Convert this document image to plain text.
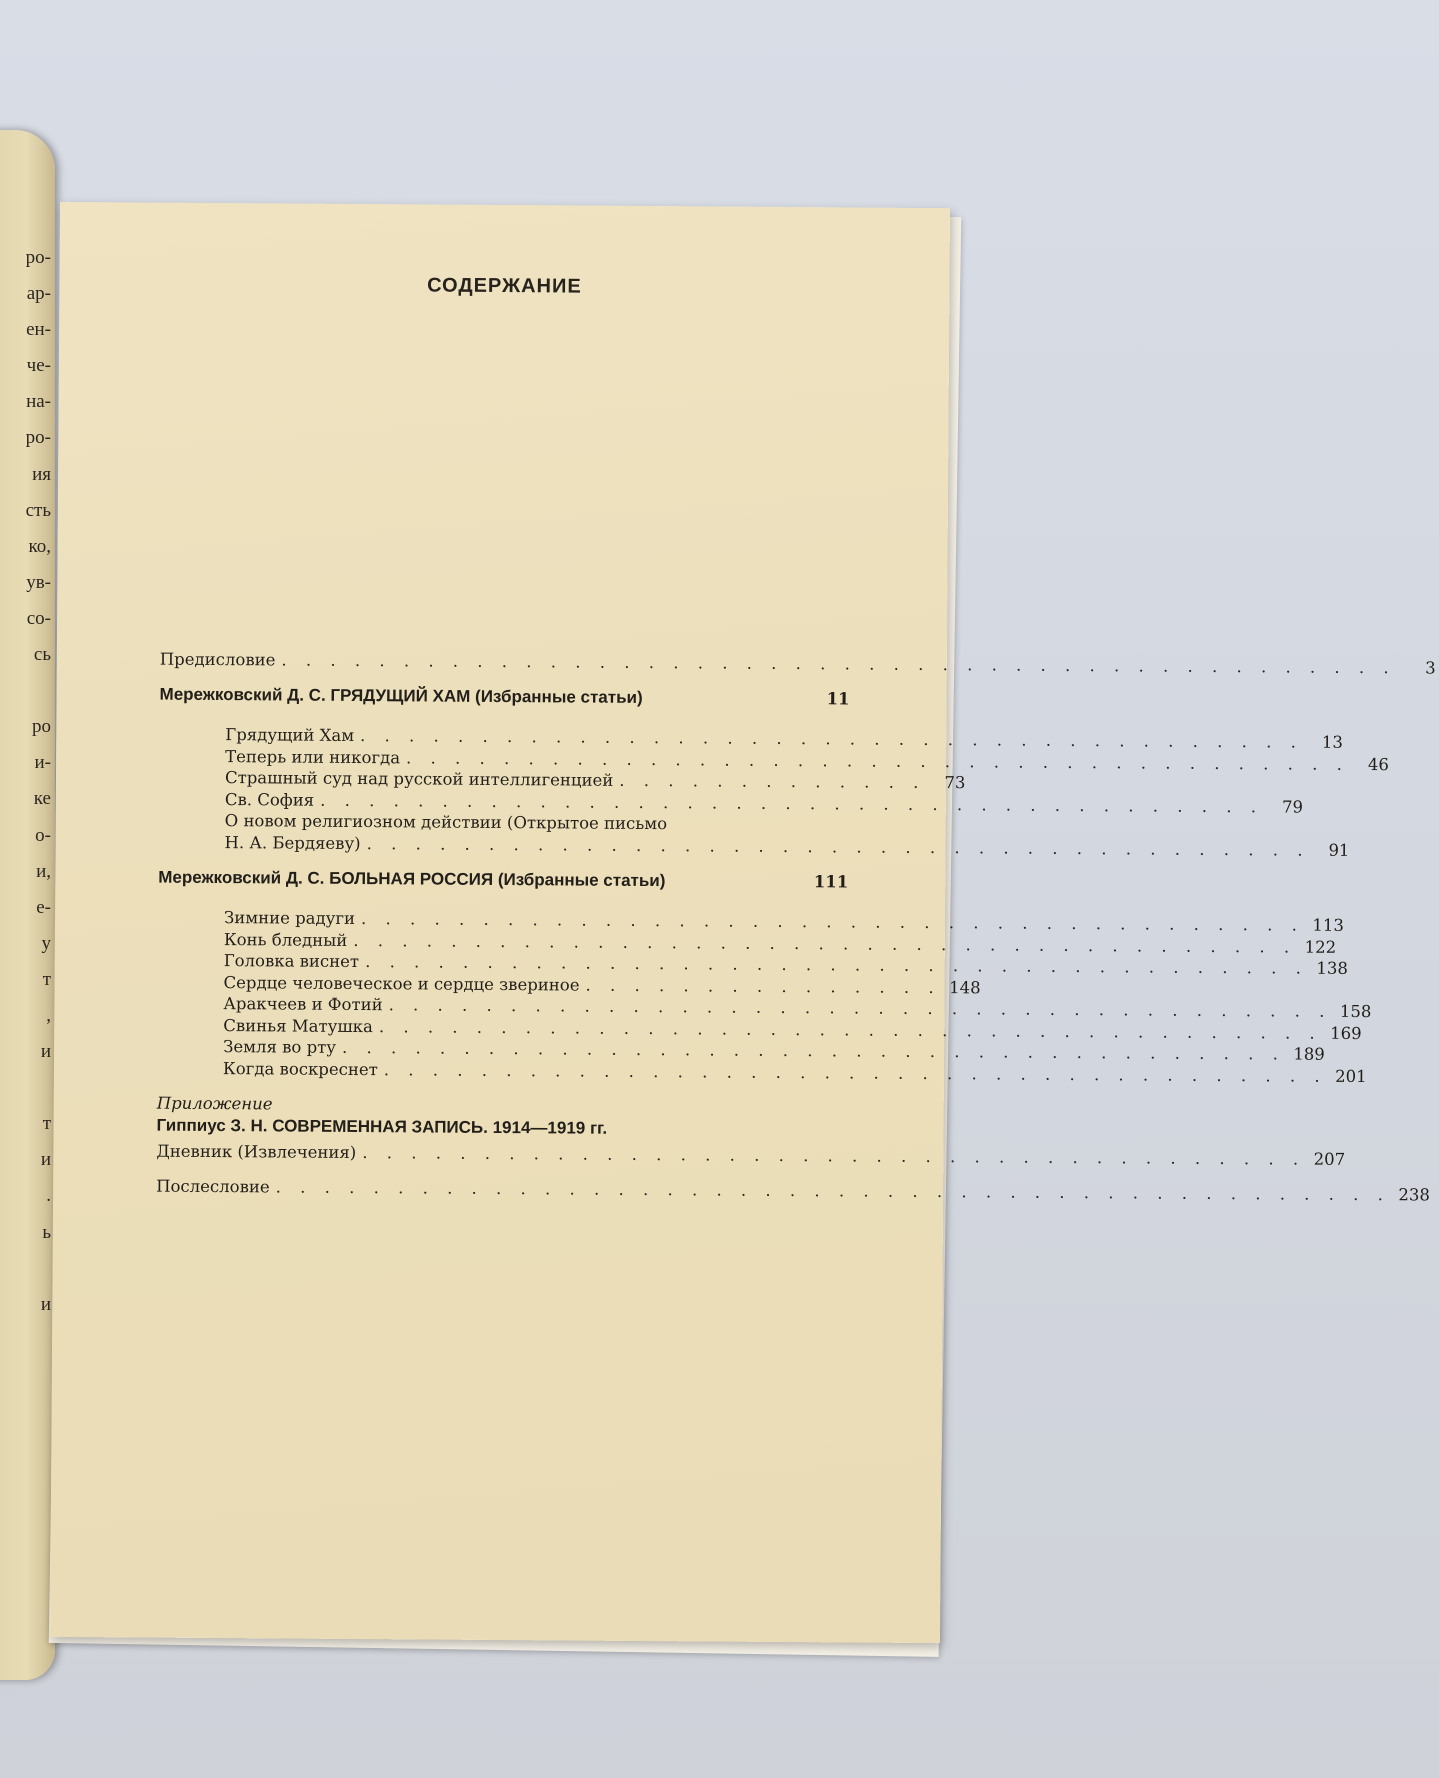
ро-
ар-
ен-
че-
на-
ро-
ия
сть
ко,
ув-
со-
сь

ро
и-
ке
о-
и,
е-
у
т
,
и

т
и
.
ь

и
СОДЕРЖАНИЕ
Предисловие . . . . . . . . . . . . . . . . . . . . . . . . . . . . . . . . . . . . . . . . . . . . . .	3
Мережковский Д. С. ГРЯДУЩИЙ ХАМ (Избранные статьи)	11
Грядущий Хам . . . . . . . . . . . . . . . . . . . . . . . . . . . . . . . . . . . . . . .	13
Теперь или никогда . . . . . . . . . . . . . . . . . . . . . . . . . . . . . . . . . . . . . . .	46
Страшный суд над русской интеллигенцией . . . . . . . . . . . . .	73
Св. София . . . . . . . . . . . . . . . . . . . . . . . . . . . . . . . . . . . . . . .	79
О новом религиозном действии (Открытое письмо
Н. А. Бердяеву) . . . . . . . . . . . . . . . . . . . . . . . . . . . . . . . . . . . . . . .	91
Мережковский Д. С. БОЛЬНАЯ РОССИЯ (Избранные статьи)	111
Зимние радуги . . . . . . . . . . . . . . . . . . . . . . . . . . . . . . . . . . . . . . . 113
Конь бледный . . . . . . . . . . . . . . . . . . . . . . . . . . . . . . . . . . . . . . . 122
Головка виснет . . . . . . . . . . . . . . . . . . . . . . . . . . . . . . . . . . . . . . . 138
Сердце человеческое и сердце звериное . . . . . . . . . . . . . . . 148
Аракчеев и Фотий . . . . . . . . . . . . . . . . . . . . . . . . . . . . . . . . . . . . . . . 158
Свинья Матушка . . . . . . . . . . . . . . . . . . . . . . . . . . . . . . . . . . . . . . . 169
Земля во рту . . . . . . . . . . . . . . . . . . . . . . . . . . . . . . . . . . . . . . . 189
Когда воскреснет . . . . . . . . . . . . . . . . . . . . . . . . . . . . . . . . . . . . . . . 201
Приложение
Гиппиус З. Н. СОВРЕМЕННАЯ ЗАПИСЬ. 1914—1919 гг.
Дневник (Извлечения) . . . . . . . . . . . . . . . . . . . . . . . . . . . . . . . . . . . . . . . 207
Послесловие . . . . . . . . . . . . . . . . . . . . . . . . . . . . . . . . . . . . . . . . . . . . . . 238
